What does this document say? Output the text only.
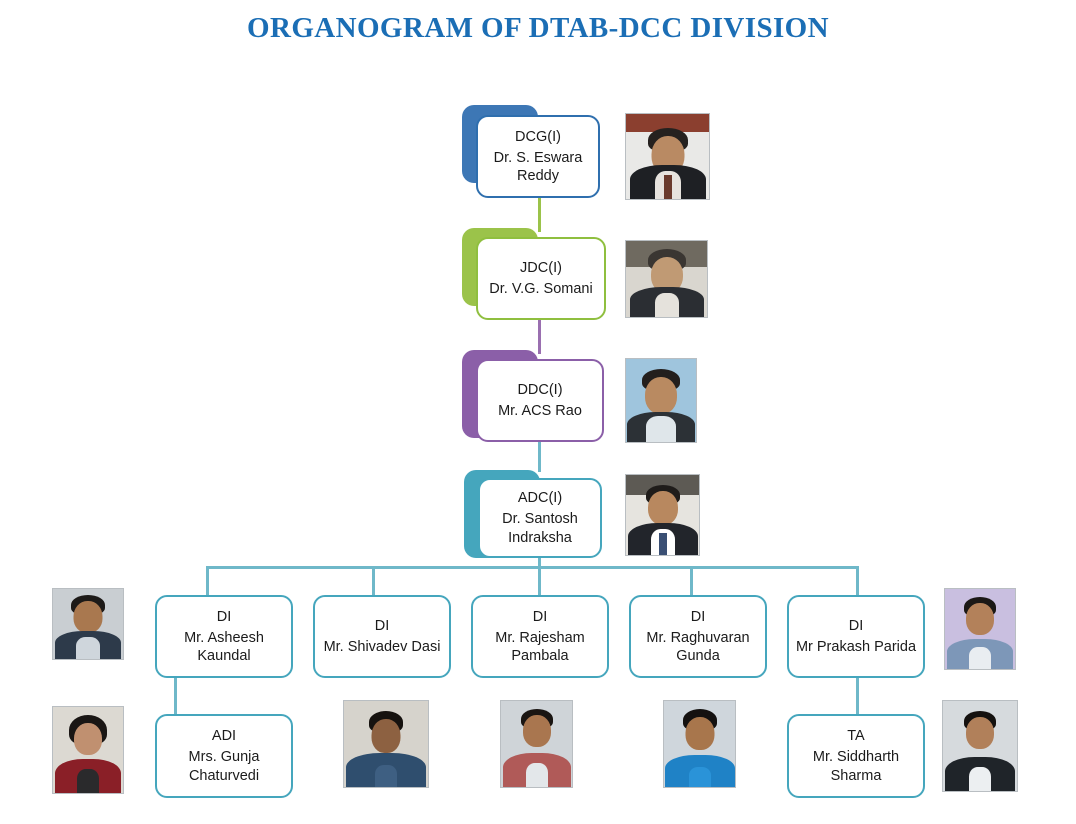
ORGANOGRAM OF DTAB-DCC DIVISION
DCG(I)
Dr. S. Eswara Reddy
JDC(I)
Dr. V.G. Somani
DDC(I)
Mr. ACS Rao
ADC(I)
Dr. Santosh Indraksha
DI
Mr. Asheesh Kaundal
DI
Mr. Shivadev Dasi
DI
Mr. Rajesham Pambala
DI
Mr. Raghuvaran Gunda
DI
Mr Prakash Parida
ADI
Mrs. Gunja Chaturvedi
TA
Mr. Siddharth Sharma
